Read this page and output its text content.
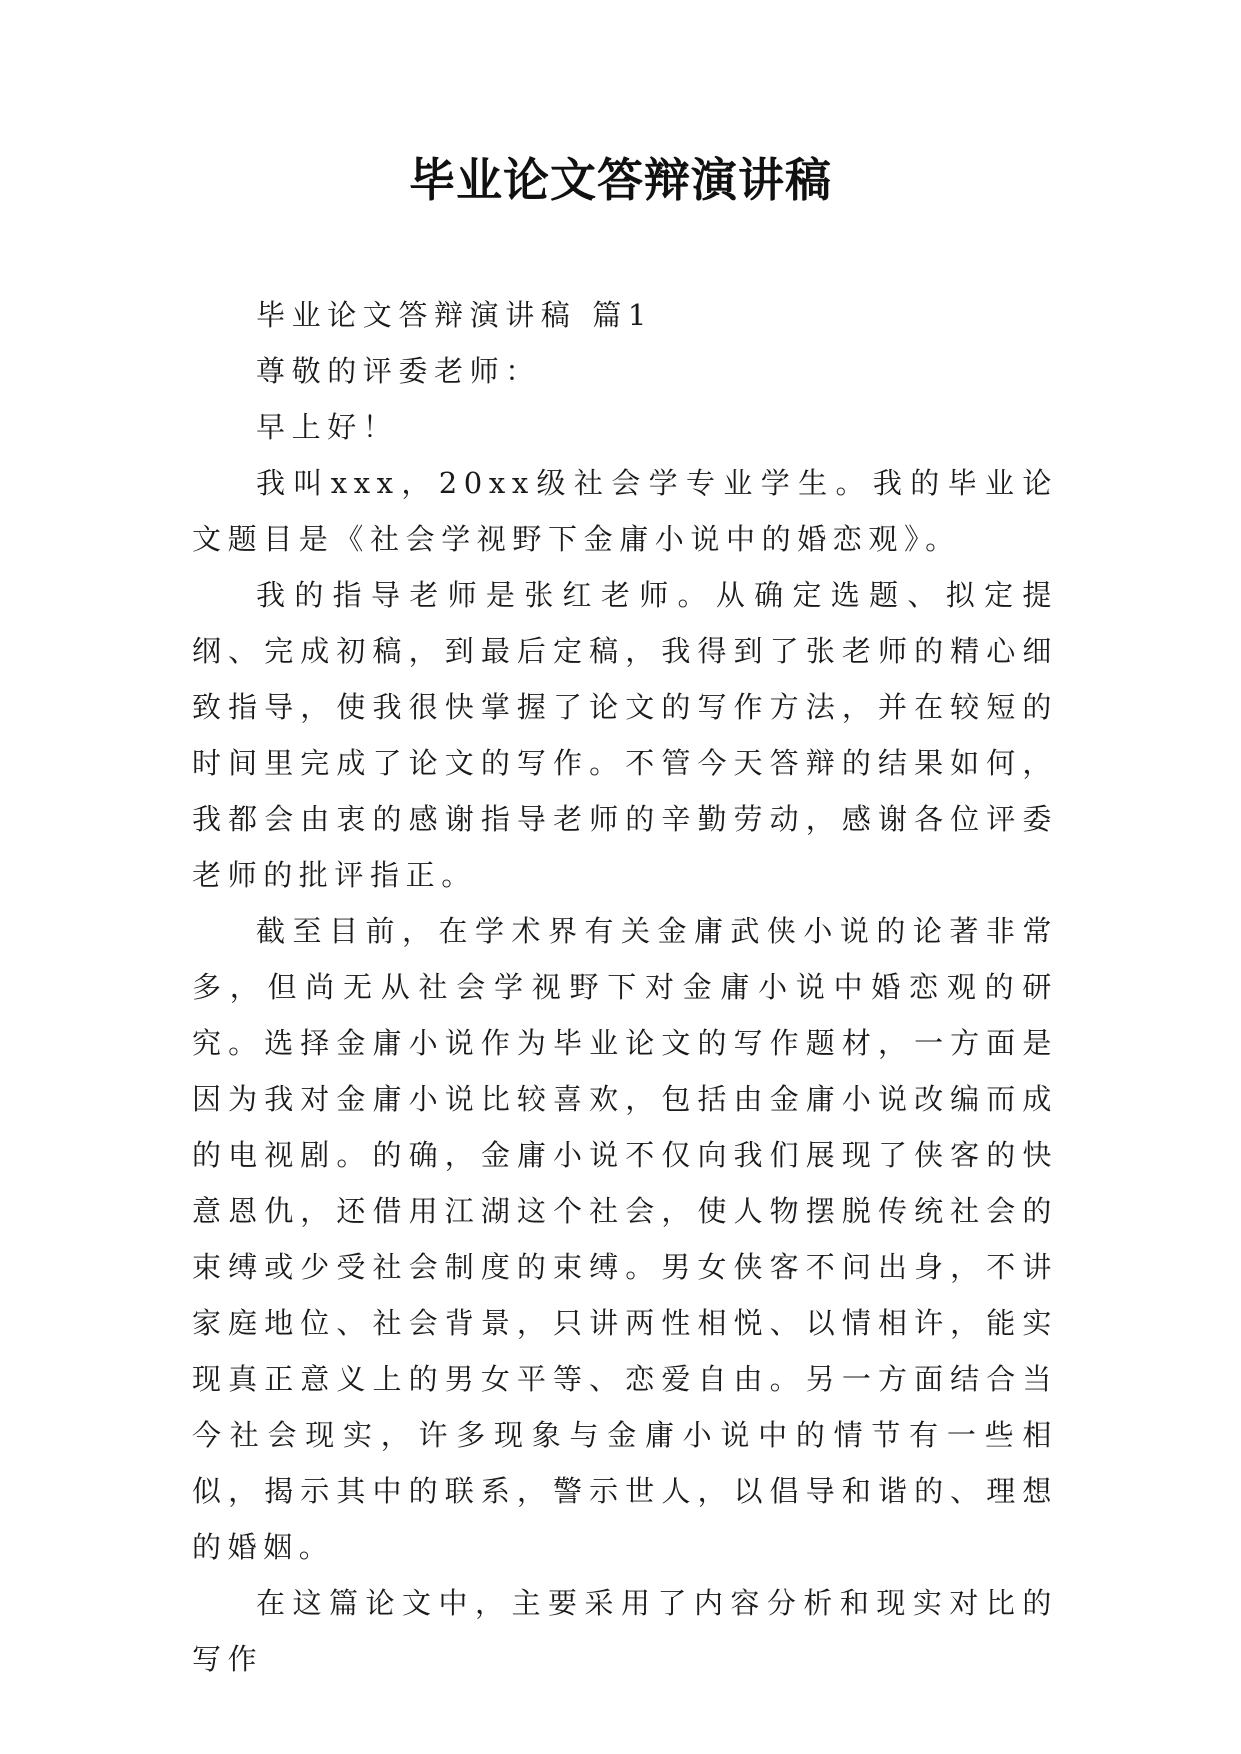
毕业论文答辩演讲稿

毕业论文答辩演讲稿 篇1

尊敬的评委老师：

早上好！

我叫xxx，20xx级社会学专业学生。我的毕业论文题目是《社会学视野下金庸小说中的婚恋观》。

我的指导老师是张红老师。从确定选题、拟定提纲、完成初稿，到最后定稿，我得到了张老师的精心细致指导，使我很快掌握了论文的写作方法，并在较短的时间里完成了论文的写作。不管今天答辩的结果如何，我都会由衷的感谢指导老师的辛勤劳动，感谢各位评委老师的批评指正。

截至目前，在学术界有关金庸武侠小说的论著非常多，但尚无从社会学视野下对金庸小说中婚恋观的研究。选择金庸小说作为毕业论文的写作题材，一方面是因为我对金庸小说比较喜欢，包括由金庸小说改编而成的电视剧。的确，金庸小说不仅向我们展现了侠客的快意恩仇，还借用江湖这个社会，使人物摆脱传统社会的束缚或少受社会制度的束缚。男女侠客不问出身，不讲家庭地位、社会背景，只讲两性相悦、以情相许，能实现真正意义上的男女平等、恋爱自由。另一方面结合当今社会现实，许多现象与金庸小说中的情节有一些相似，揭示其中的联系，警示世人，以倡导和谐的、理想的婚姻。

在这篇论文中，主要采用了内容分析和现实对比的写作
